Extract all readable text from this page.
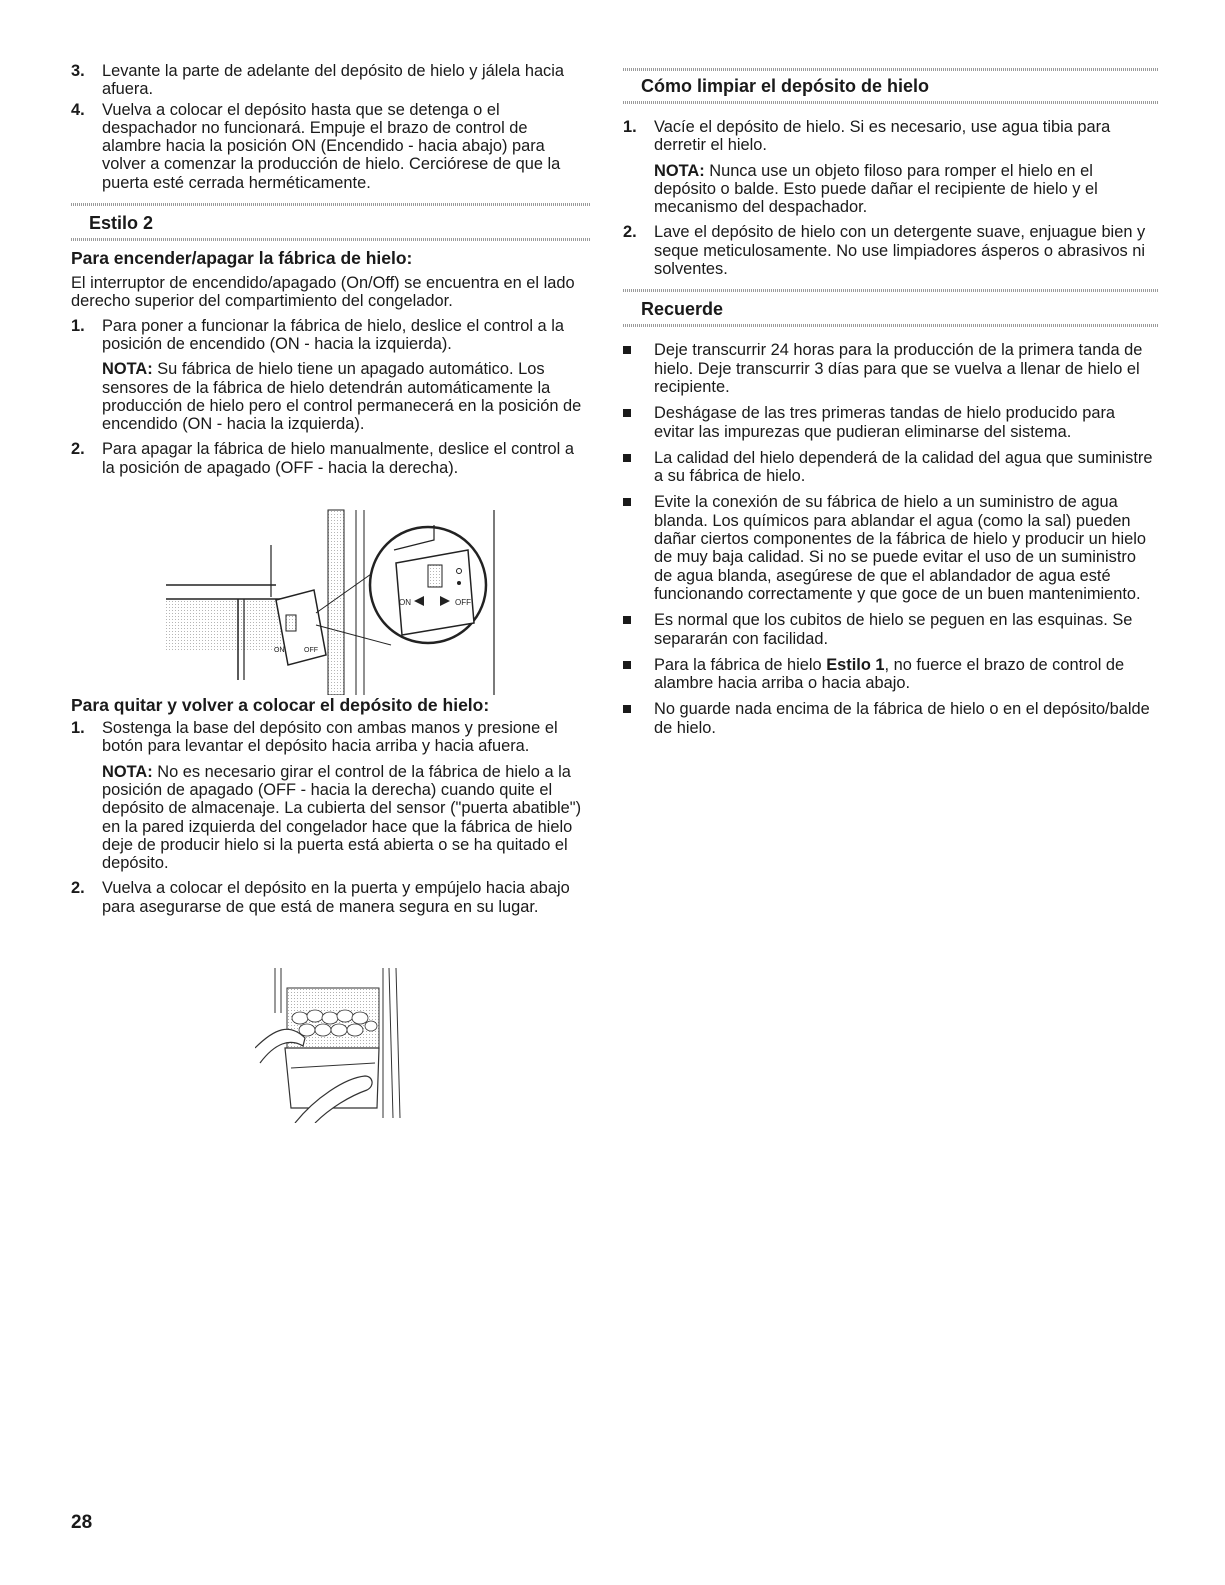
3.	Levante la parte de adelante del depósito de hielo y jálela hacia afuera.
4.	Vuelva a colocar el depósito hasta que se detenga o el despachador no funcionará. Empuje el brazo de control de alambre hacia la posición ON (Encendido - hacia abajo) para volver a comenzar la producción de hielo. Cerciórese de que la puerta esté cerrada herméticamente.
Estilo 2

Para encender/apagar la fábrica de hielo:

El interruptor de encendido/apagado (On/Off) se encuentra en el lado derecho superior del compartimiento del congelador.

1.	Para poner a funcionar la fábrica de hielo, deslice el control a la posición de encendido (ON - hacia la izquierda).

NOTA: Su fábrica de hielo tiene un apagado automático. Los sensores de la fábrica de hielo detendrán automáticamente la producción de hielo pero el control permanecerá en la posición de encendido (ON - hacia la izquierda).

2.	Para apagar la fábrica de hielo manualmente, deslice el control a la posición de apagado (OFF - hacia la derecha).

Para quitar y volver a colocar el depósito de hielo:

1.	Sostenga la base del depósito con ambas manos y presione el botón para levantar el depósito hacia arriba y hacia afuera.

NOTA: No es necesario girar el control de la fábrica de hielo a la posición de apagado (OFF - hacia la derecha) cuando quite el depósito de almacenaje. La cubierta del sensor ("puerta abatible") en la pared izquierda del congelador hace que la fábrica de hielo deje de producir hielo si la puerta está abierta o se ha quitado el depósito.

2.	Vuelva a colocar el depósito en la puerta y empújelo hacia abajo para asegurarse de que está de manera segura en su lugar.
ON	OFF
ON	OFF
Cómo limpiar el depósito de hielo
1.	Vacíe el depósito de hielo. Si es necesario, use agua tibia para derretir el hielo.

NOTA: Nunca use un objeto filoso para romper el hielo en el depósito o balde. Esto puede dañar el recipiente de hielo y el mecanismo del despachador.

2.	Lave el depósito de hielo con un detergente suave, enjuague bien y seque meticulosamente. No use limpiadores ásperos o abrasivos ni solventes.
Recuerde
Deje transcurrir 24 horas para la producción de la primera tanda de hielo. Deje transcurrir 3 días para que se vuelva a llenar de hielo el recipiente.
Deshágase de las tres primeras tandas de hielo producido para evitar las impurezas que pudieran eliminarse del sistema.
La calidad del hielo dependerá de la calidad del agua que suministre a su fábrica de hielo.
Evite la conexión de su fábrica de hielo a un suministro de agua blanda. Los químicos para ablandar el agua (como la sal) pueden dañar ciertos componentes de la fábrica de hielo y producir un hielo de muy baja calidad. Si no se puede evitar el uso de un suministro de agua blanda, asegúrese de que el ablandador de agua esté funcionando correctamente y que goce de un buen mantenimiento.
Es normal que los cubitos de hielo se peguen en las esquinas. Se separarán con facilidad.
Para la fábrica de hielo Estilo 1, no fuerce el brazo de control de alambre hacia arriba o hacia abajo.
No guarde nada encima de la fábrica de hielo o en el depósito/balde de hielo.
28
